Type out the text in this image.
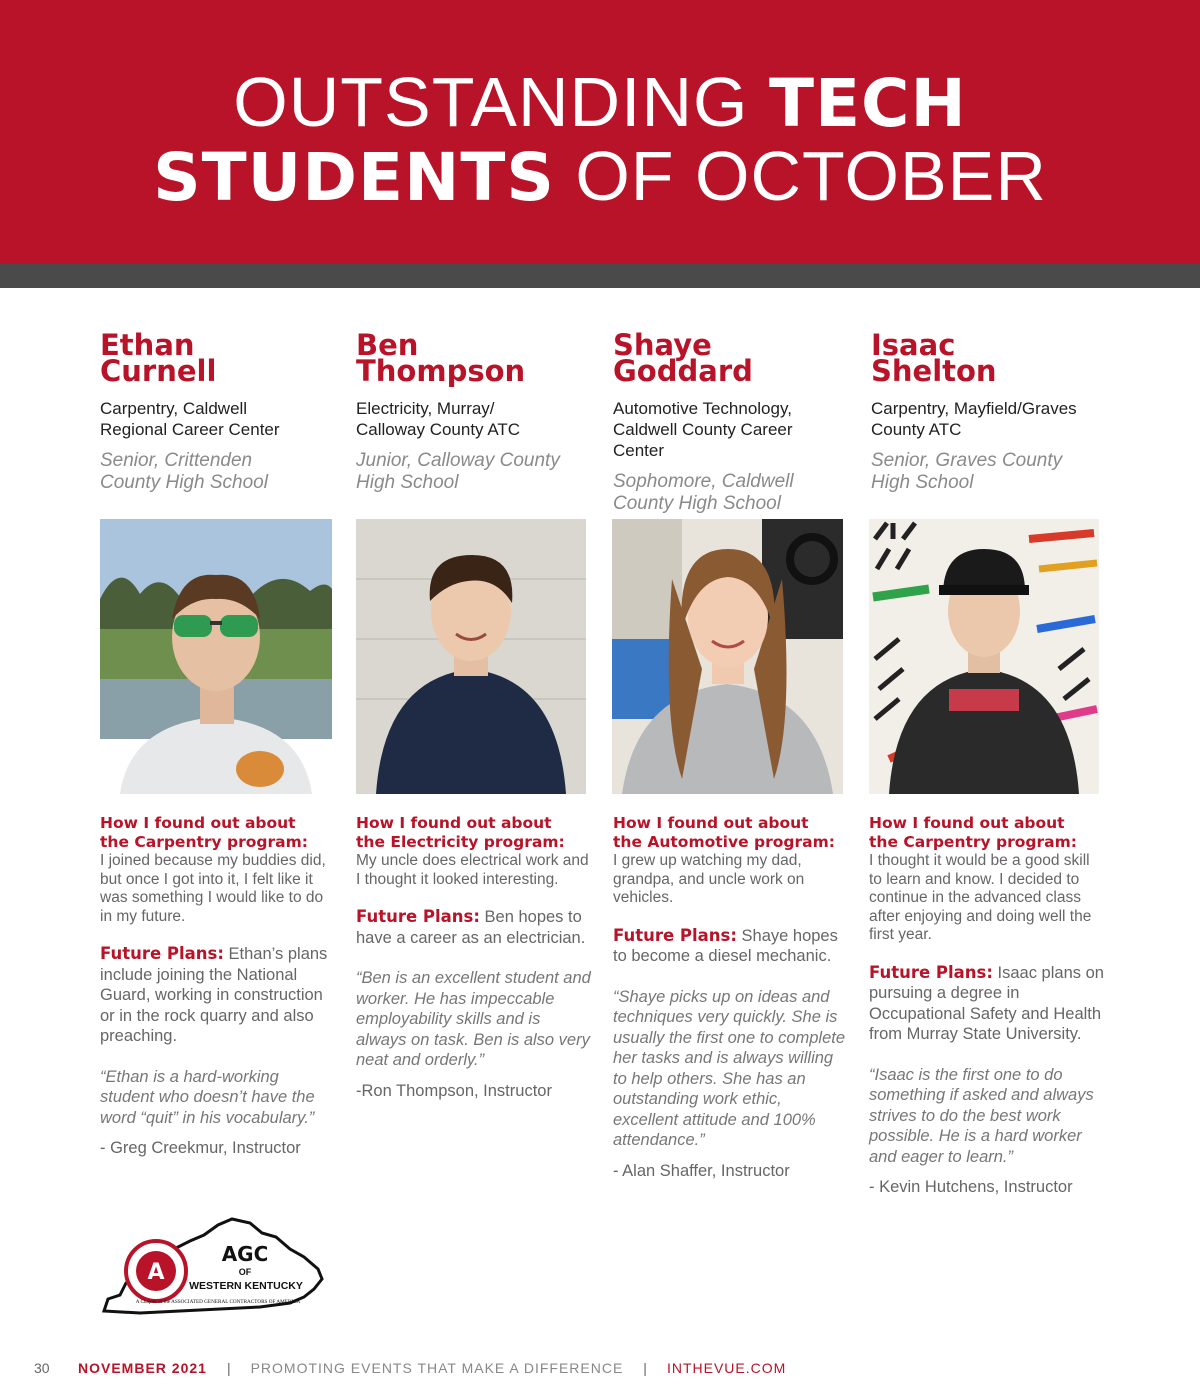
OUTSTANDING TECH
STUDENTS OF OCTOBER
Ethan
Curnell
Carpentry, Caldwell
Regional Career Center
Senior, Crittenden
County High School
How I found out about
the Carpentry program:
I joined because my buddies did, but once I got into it, I felt like it was something I would like to do in my future.
Future Plans: Ethan’s plans include joining the National Guard, working in construction or in the rock quarry and also preaching.
“Ethan is a hard-working student who doesn’t have the word “quit” in his vocabulary.”
- Greg Creekmur, Instructor
Ben
Thompson
Electricity, Murray/
Calloway County ATC
Junior, Calloway County
High School
How I found out about
the Electricity program:
My uncle does electrical work and I thought it looked interesting.
Future Plans: Ben hopes to have a career as an electrician.
“Ben is an excellent student and worker. He has impeccable employability skills and is always on task. Ben is also very neat and orderly.”
-Ron Thompson, Instructor
Shaye
Goddard
Automotive Technology,
Caldwell County Career Center
Sophomore, Caldwell
County High School
How I found out about
the Automotive program:
I grew up watching my dad, grandpa, and uncle work on vehicles.
Future Plans: Shaye hopes to become a diesel mechanic.
“Shaye picks up on ideas and techniques very quickly. She is usually the first one to complete her tasks and is always willing to help others. She has an outstanding work ethic, excellent attitude and 100% attendance.”
- Alan Shaffer, Instructor
Isaac
Shelton
Carpentry, Mayfield/Graves
County ATC
Senior, Graves County
High School
How I found out about
the Carpentry program:
I thought it would be a good skill to learn and know. I decided to continue in the advanced class after enjoying and doing well the first year.
Future Plans: Isaac plans on pursuing a degree in Occupational Safety and Health from Murray State University.
“Isaac is the first one to do something if asked and always strives to do the best work possible. He is a hard worker and eager to learn.”
- Kevin Hutchens, Instructor
A
AGC
OF
WESTERN KENTUCKY
A Chapter of the ASSOCIATED GENERAL CONTRACTORS OF AMERICA
30 NOVEMBER 2021 | PROMOTING EVENTS THAT MAKE A DIFFERENCE | INTHEVUE.COM
